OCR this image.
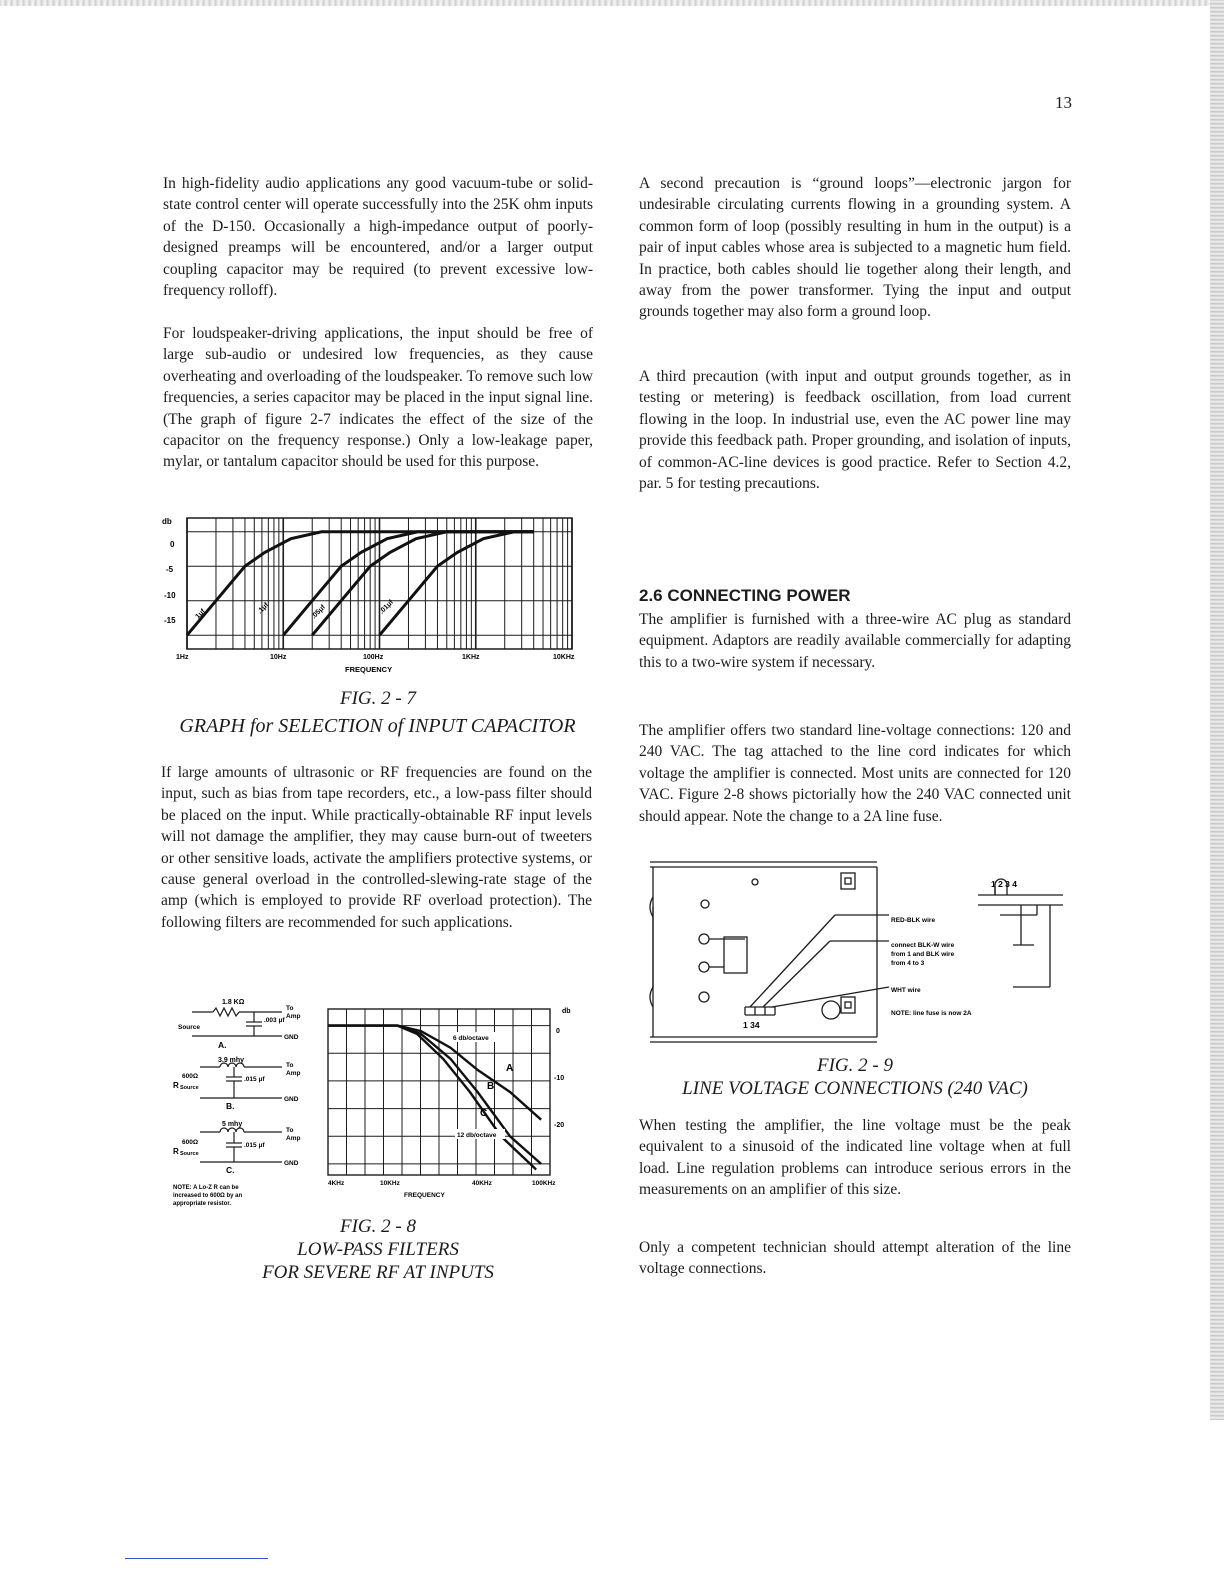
13

In high-fidelity audio applications any good vacuum-tube or solid-state control center will operate successfully into the 25K ohm inputs of the D-150. Occasionally a high-impedance output of poorly-designed preamps will be encountered, and/or a larger output coupling capacitor may be required (to prevent excessive low-frequency rolloff).

For loudspeaker-driving applications, the input should be free of large sub-audio or undesired low frequencies, as they cause overheating and overloading of the loudspeaker. To remove such low frequencies, a series capacitor may be placed in the input signal line. (The graph of figure 2-7 indicates the effect of the size of the capacitor on the frequency response.) Only a low-leakage paper, mylar, or tantalum capacitor should be used for this purpose.

db
0
-5
-10
-15
1Hz	10Hz	100Hz	1KHz	10KHz
FREQUENCY
1μf	.1μf	.05μf	.01μf
FIG. 2 - 7
GRAPH for SELECTION of INPUT CAPACITOR

If large amounts of ultrasonic or RF frequencies are found on the input, such as bias from tape recorders, etc., a low-pass filter should be placed on the input. While practically-obtainable RF input levels will not damage the amplifier, they may cause burn-out of tweeters or other sensitive loads, activate the amplifiers protective systems, or cause general overload in the controlled-slewing-rate stage of the amp (which is employed to provide RF overload protection). The following filters are recommended for such applications.

1.8 KΩ
To
Amp
Source
.003 μf
GND
A.
3.9 mhy
To
Amp
600Ω
R Source
.015 μf
GND
B.
5 mhy
To
Amp
600Ω
R Source
.015 μf
GND
C.
NOTE: A Lo-Z R can be
increased to 600Ω by an
appropriate resistor.
db
0
-10
-20
4KHz	10KHz	40KHz	100KHz
FREQUENCY
6 db/octave
12 db/octave
A
B
C
FIG. 2 - 8
LOW-PASS FILTERS
FOR SEVERE RF AT INPUTS

A second precaution is “ground loops”—electronic jargon for undesirable circulating currents flowing in a grounding system. A common form of loop (possibly resulting in hum in the output) is a pair of input cables whose area is subjected to a magnetic hum field. In practice, both cables should lie together along their length, and away from the power transformer. Tying the input and output grounds together may also form a ground loop.

A third precaution (with input and output grounds together, as in testing or metering) is feedback oscillation, from load current flowing in the loop. In industrial use, even the AC power line may provide this feedback path. Proper grounding, and isolation of inputs, of common-AC-line devices is good practice. Refer to Section 4.2, par. 5 for testing precautions.

2.6 CONNECTING POWER

The amplifier is furnished with a three-wire AC plug as standard equipment. Adaptors are readily available commercially for adapting this to a two-wire system if necessary.

The amplifier offers two standard line-voltage connections: 120 and 240 VAC. The tag attached to the line cord indicates for which voltage the amplifier is connected. Most units are connected for 120 VAC. Figure 2-8 shows pictorially how the 240 VAC connected unit should appear. Note the change to a 2A line fuse.

1 2 3 4
1 34
RED-BLK wire
connect BLK-W wire
from 1 and BLK wire
from 4 to 3
WHT wire
NOTE: line fuse is now 2A
FIG. 2 - 9
LINE VOLTAGE CONNECTIONS (240 VAC)

When testing the amplifier, the line voltage must be the peak equivalent to a sinusoid of the indicated line voltage when at full load. Line regulation problems can introduce serious errors in the measurements on an amplifier of this size.

Only a competent technician should attempt alteration of the line voltage connections.
